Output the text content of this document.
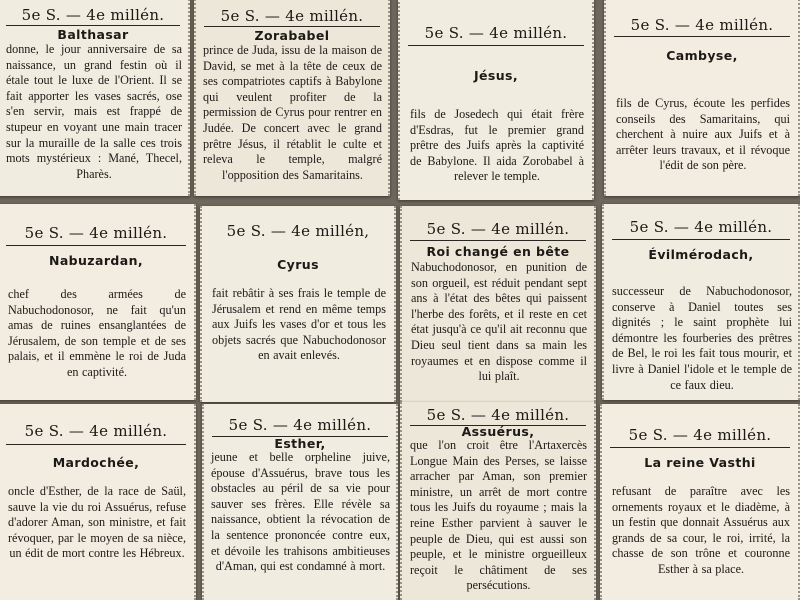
5e S. — 4e millén.
Balthasar
donne, le jour anniversaire de sa naissance, un grand festin où il étale tout le luxe de l'Orient. Il se fait apporter les vases sacrés, ose s'en servir, mais est frappé de stupeur en voyant une main tracer sur la muraille de la salle ces trois mots mystérieux : Mané, Thecel, Pharès.
5e S. — 4e millén.
Zorababel
prince de Juda, issu de la maison de David, se met à la tête de ceux de ses compatriotes captifs à Babylone qui veulent profiter de la permission de Cyrus pour rentrer en Judée. De concert avec le grand prêtre Jésus, il rétablit le culte et releva le temple, malgré l'opposition des Samaritains.
5e S. — 4e millén.
Jésus,
fils de Josedech qui était frère d'Esdras, fut le premier grand prêtre des Juifs après la captivité de Babylone. Il aida Zorobabel à relever le temple.
5e S. — 4e millén.
Cambyse,
fils de Cyrus, écoute les perfides conseils des Samaritains, qui cherchent à nuire aux Juifs et à arrêter leurs travaux, et il révoque l'édit de son père.
5e S. — 4e millén.
Nabuzardan,
chef des armées de Nabuchodonosor, ne fait qu'un amas de ruines ensanglantées de Jérusalem, de son temple et de ses palais, et il emmène le roi de Juda en captivité.
5e S. — 4e millén,
Cyrus
fait rebâtir à ses frais le temple de Jérusalem et rend en même temps aux Juifs les vases d'or et tous les objets sacrés que Nabuchodonosor en avait enlevés.
5e S. — 4e millén.
Roi changé en bête
Nabuchodonosor, en punition de son orgueil, est réduit pendant sept ans à l'état des bêtes qui paissent l'herbe des forêts, et il reste en cet état jusqu'à ce qu'il ait reconnu que Dieu seul tient dans sa main les royaumes et en dispose comme il lui plaît.
5e S. — 4e millén.
Évilmérodach,
successeur de Nabuchodonosor, conserve à Daniel toutes ses dignités ; le saint prophète lui démontre les fourberies des prêtres de Bel, le roi les fait tous mourir, et livre à Daniel l'idole et le temple de ce faux dieu.
5e S. — 4e millén.
Mardochée,
oncle d'Esther, de la race de Saül, sauve la vie du roi Assuérus, refuse d'adorer Aman, son ministre, et fait révoquer, par le moyen de sa nièce, un édit de mort contre les Hébreux.
5e S. — 4e millén.
Esther,
jeune et belle orpheline juive, épouse d'Assuérus, brave tous les obstacles au péril de sa vie pour sauver ses frères. Elle révèle sa naissance, obtient la révocation de la sentence prononcée contre eux, et dévoile les trahisons ambitieuses d'Aman, qui est condamné à mort.
5e S. — 4e millén.
Assuérus,
que l'on croit être l'Artaxercès Longue Main des Perses, se laisse arracher par Aman, son premier ministre, un arrêt de mort contre tous les Juifs du royaume ; mais la reine Esther parvient à sauver le peuple de Dieu, qui est aussi son peuple, et le ministre orgueilleux reçoit le châtiment de ses persécutions.
5e S. — 4e millén.
La reine Vasthi
refusant de paraître avec les ornements royaux et le diadème, à un festin que donnait Assuérus aux grands de sa cour, le roi, irrité, la chasse de son trône et couronne Esther à sa place.
